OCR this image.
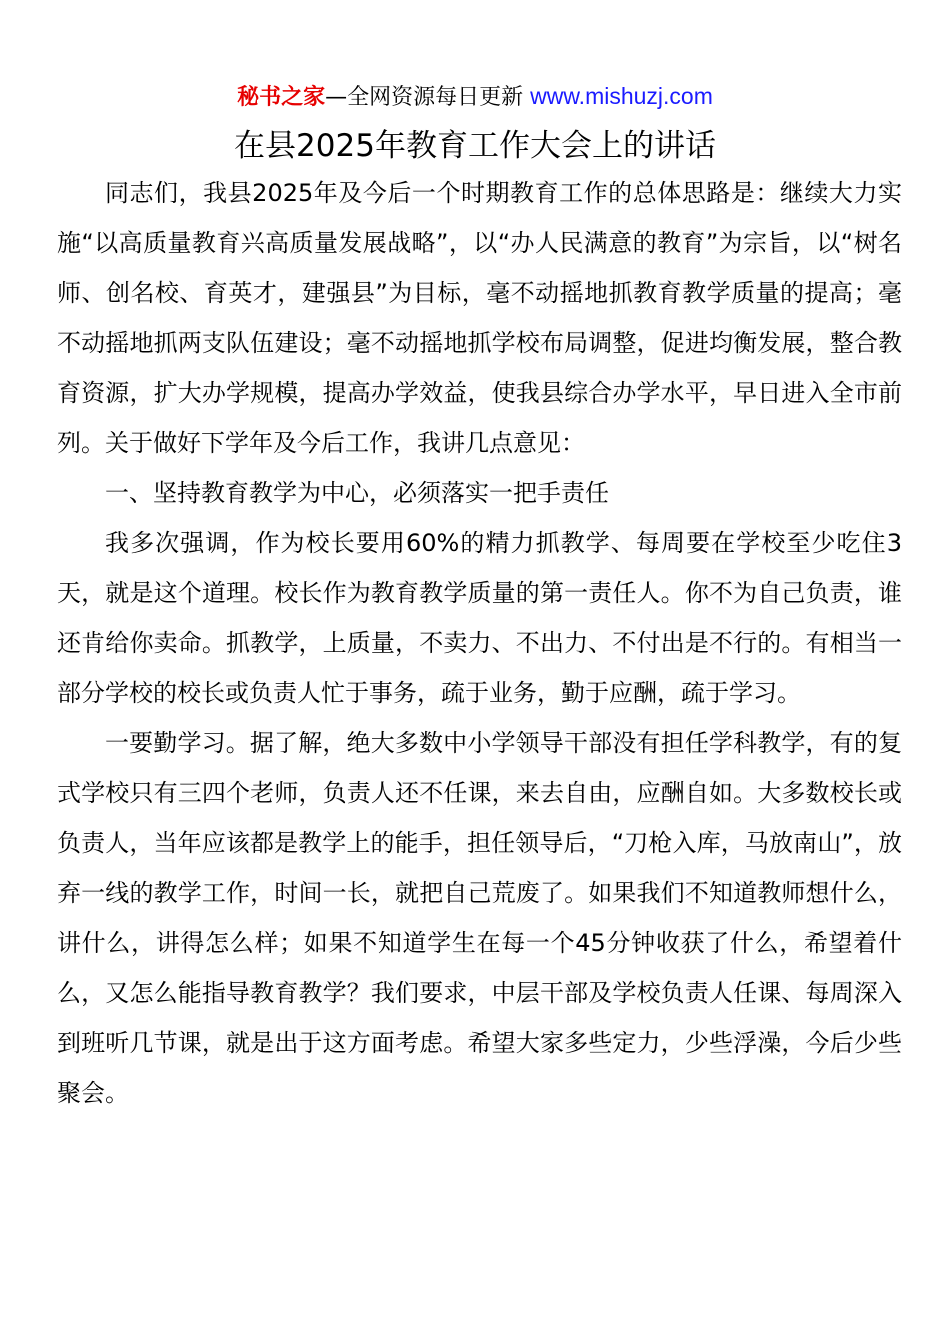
秘书之家—全网资源每日更新 www.mishuzj.com
在县2025年教育工作大会上的讲话

同志们，我县2025年及今后一个时期教育工作的总体思路是：继续大力实施“以高质量教育兴高质量发展战略”，以“办人民满意的教育”为宗旨，以“树名师、创名校、育英才，建强县”为目标，毫不动摇地抓教育教学质量的提高；毫不动摇地抓两支队伍建设；毫不动摇地抓学校布局调整，促进均衡发展，整合教育资源，扩大办学规模，提高办学效益，使我县综合办学水平，早日进入全市前列。关于做好下学年及今后工作，我讲几点意见：

一、坚持教育教学为中心，必须落实一把手责任

我多次强调，作为校长要用60%的精力抓教学、每周要在学校至少吃住3天，就是这个道理。校长作为教育教学质量的第一责任人。你不为自己负责，谁还肯给你卖命。抓教学，上质量，不卖力、不出力、不付出是不行的。有相当一部分学校的校长或负责人忙于事务，疏于业务，勤于应酬，疏于学习。

一要勤学习。据了解，绝大多数中小学领导干部没有担任学科教学，有的复式学校只有三四个老师，负责人还不任课，来去自由，应酬自如。大多数校长或负责人，当年应该都是教学上的能手，担任领导后，“刀枪入库，马放南山”，放弃一线的教学工作，时间一长，就把自己荒废了。如果我们不知道教师想什么，讲什么，讲得怎么样；如果不知道学生在每一个45分钟收获了什么，希望着什么，又怎么能指导教育教学？我们要求，中层干部及学校负责人任课、每周深入到班听几节课，就是出于这方面考虑。希望大家多些定力，少些浮澡，今后少些聚会。
